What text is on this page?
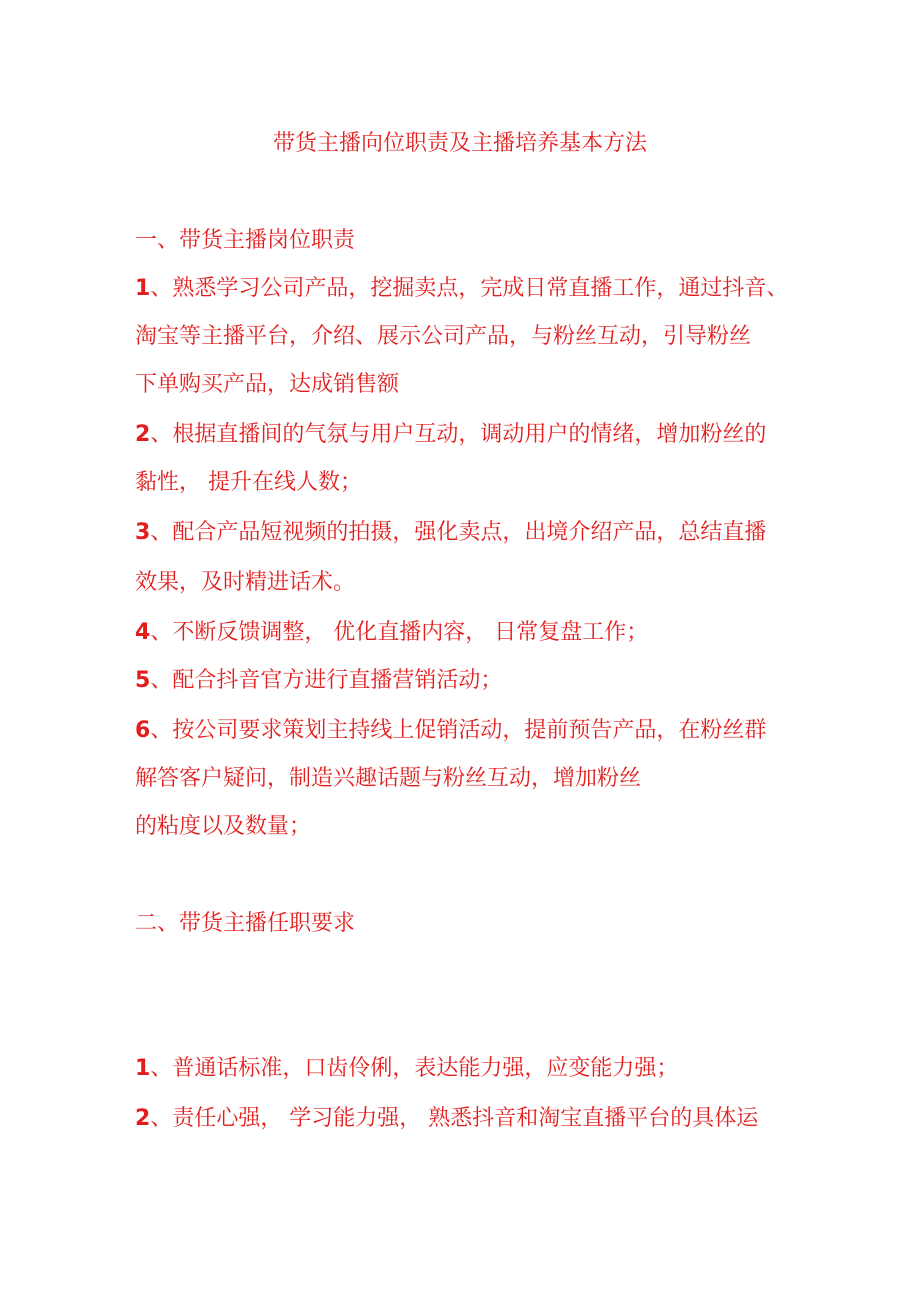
带货主播向位职责及主播培养基本方法
一、带货主播岗位职责
1、熟悉学习公司产品，挖掘卖点，完成日常直播工作，通过抖音、
淘宝等主播平台，介绍、展示公司产品，与粉丝互动，引导粉丝
下单购买产品，达成销售额
2、根据直播间的气氛与用户互动，调动用户的情绪，增加粉丝的
黏性， 提升在线人数；
3、配合产品短视频的拍摄，强化卖点，出境介绍产品，总结直播
效果，及时精进话术。
4、不断反馈调整， 优化直播内容， 日常复盘工作；
5、配合抖音官方进行直播营销活动；
6、按公司要求策划主持线上促销活动，提前预告产品，在粉丝群
解答客户疑问，制造兴趣话题与粉丝互动，增加粉丝
的粘度以及数量；
二、带货主播任职要求
1、普通话标准，口齿伶俐，表达能力强，应变能力强；
2、责任心强， 学习能力强， 熟悉抖音和淘宝直播平台的具体运
